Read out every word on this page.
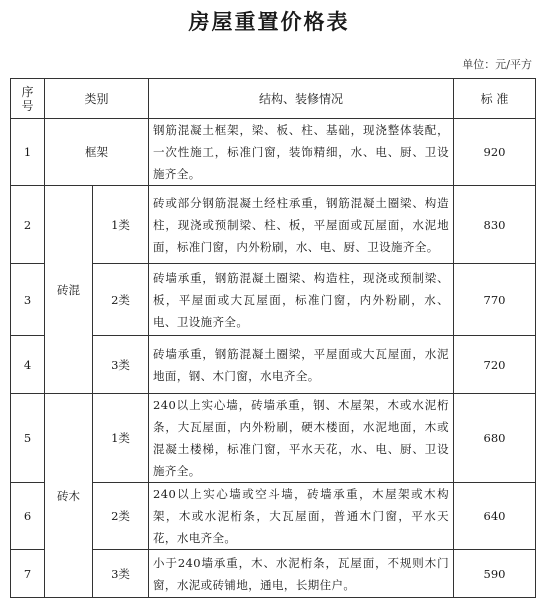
房屋重置价格表
单位：元/平方
序号	类别		结构、装修情况	标 准
1	框架		钢筋混凝土框架，梁、板、柱、基础，现浇整体装配，一次性施工，标准门窗，装饰精细，水、电、厨、卫设施齐全。	920
2	砖混	1类	砖或部分钢筋混凝土经柱承重，钢筋混凝土圈梁、构造柱，现浇或预制梁、柱、板，平屋面或瓦屋面，水泥地面，标准门窗，内外粉刷，水、电、厨、卫设施齐全。	830
3		2类	砖墙承重，钢筋混凝土圈梁、构造柱，现浇或预制梁、板，平屋面或大瓦屋面，标准门窗，内外粉刷，水、电、卫设施齐全。	770
4		3类	砖墙承重，钢筋混凝土圈梁，平屋面或大瓦屋面，水泥地面，钢、木门窗，水电齐全。	720
5	砖木	1类	240以上实心墙，砖墙承重，钢、木屋架，木或水泥桁条，大瓦屋面，内外粉刷，硬木楼面，水泥地面，木或混凝土楼梯，标准门窗，平水天花，水、电、厨、卫设施齐全。	680
6		2类	240以上实心墙或空斗墙，砖墙承重，木屋架或木构架，木或水泥桁条，大瓦屋面，普通木门窗，平水天花，水电齐全。	640
7		3类	小于240墙承重，木、水泥桁条，瓦屋面，不规则木门窗，水泥或砖铺地，通电，长期住户。	590
